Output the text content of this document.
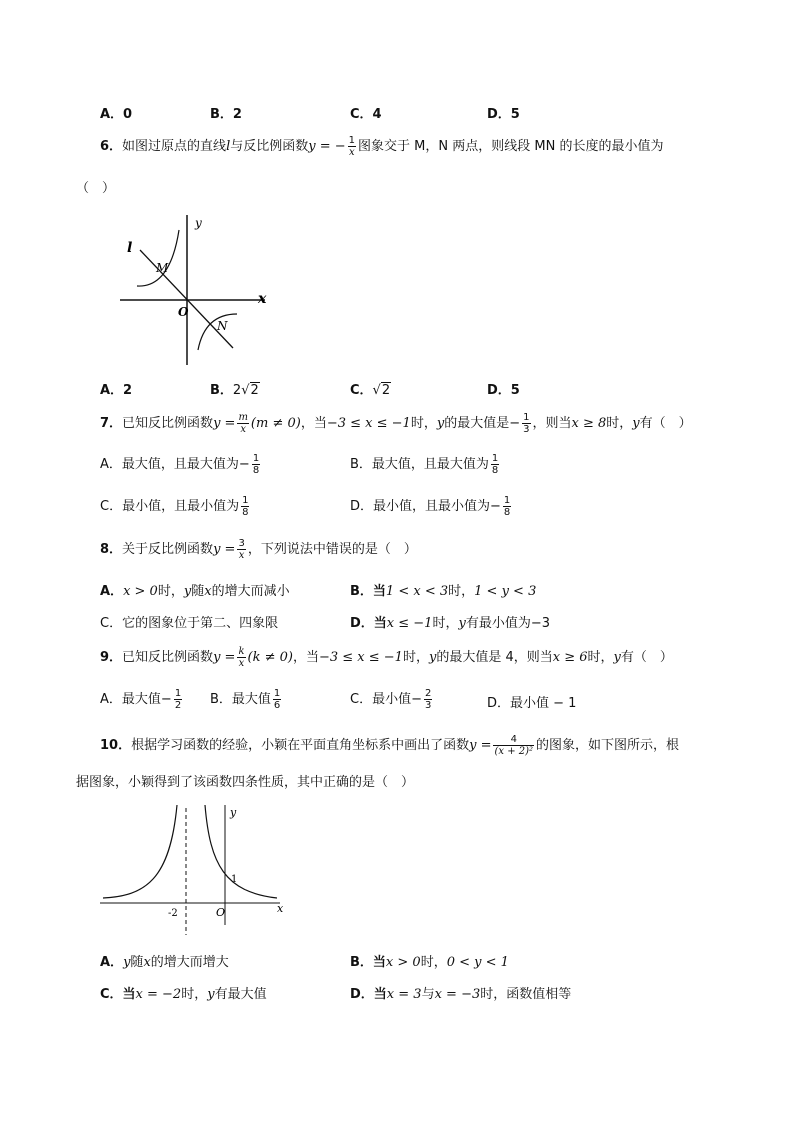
A．0	B．2	C．4	D．5
6．如图过原点的直线l与反比例函数y = − $\frac{1}{x}$ 图象交于 M，N 两点，则线段 MN 的长度的最小值为
（　）
y
x
l
M
O
N
A．2	B．2√2	C．√2	D．5
7．已知反比例函数$y = \frac{m}{x} (m \ne 0)$，当−3 ≤ x ≤ −1时，y的最大值是− $\frac{1}{3}$ ，则当x ≥ 8时，y有（　）
A．最大值，且最大值为− $\frac{1}{8}$	B．最大值，且最大值为 $\frac{1}{8}$
C．最小值，且最小值为 $\frac{1}{8}$	D．最小值，且最小值为− $\frac{1}{8}$
8．关于反比例函数$y = \frac{3}{x}$ ，下列说法中错误的是（　）
A．x > 0时，y随x的增大而减小	B．当1 < x < 3时，1 < y < 3
C．它的图象位于第二、四象限	D．当x ≤ −1时，y有最小值为−3
9．已知反比例函数$y = \frac{k}{x} (k \ne 0)$，当−3 ≤ x ≤ −1时，y的最大值是 4，则当x ≥ 6时，y有（　）
A．最大值− $\frac{1}{2}$ B．最大值 $\frac{1}{6}$	C．最小值− $\frac{2}{3}$	D．最小值 − 1
10．根据学习函数的经验，小颖在平面直角坐标系中画出了函数$y = \frac{4}{\text{(x + 2)²}}$ 的图象，如下图所示，根
据图象，小颖得到了该函数四条性质，其中正确的是（　）
y
x
1
-2	O
A．y随x的增大而增大	B．当x > 0时，0 < y < 1
C．当x = −2时，y有最大值	D．当x = 3与x = −3时，函数值相等
